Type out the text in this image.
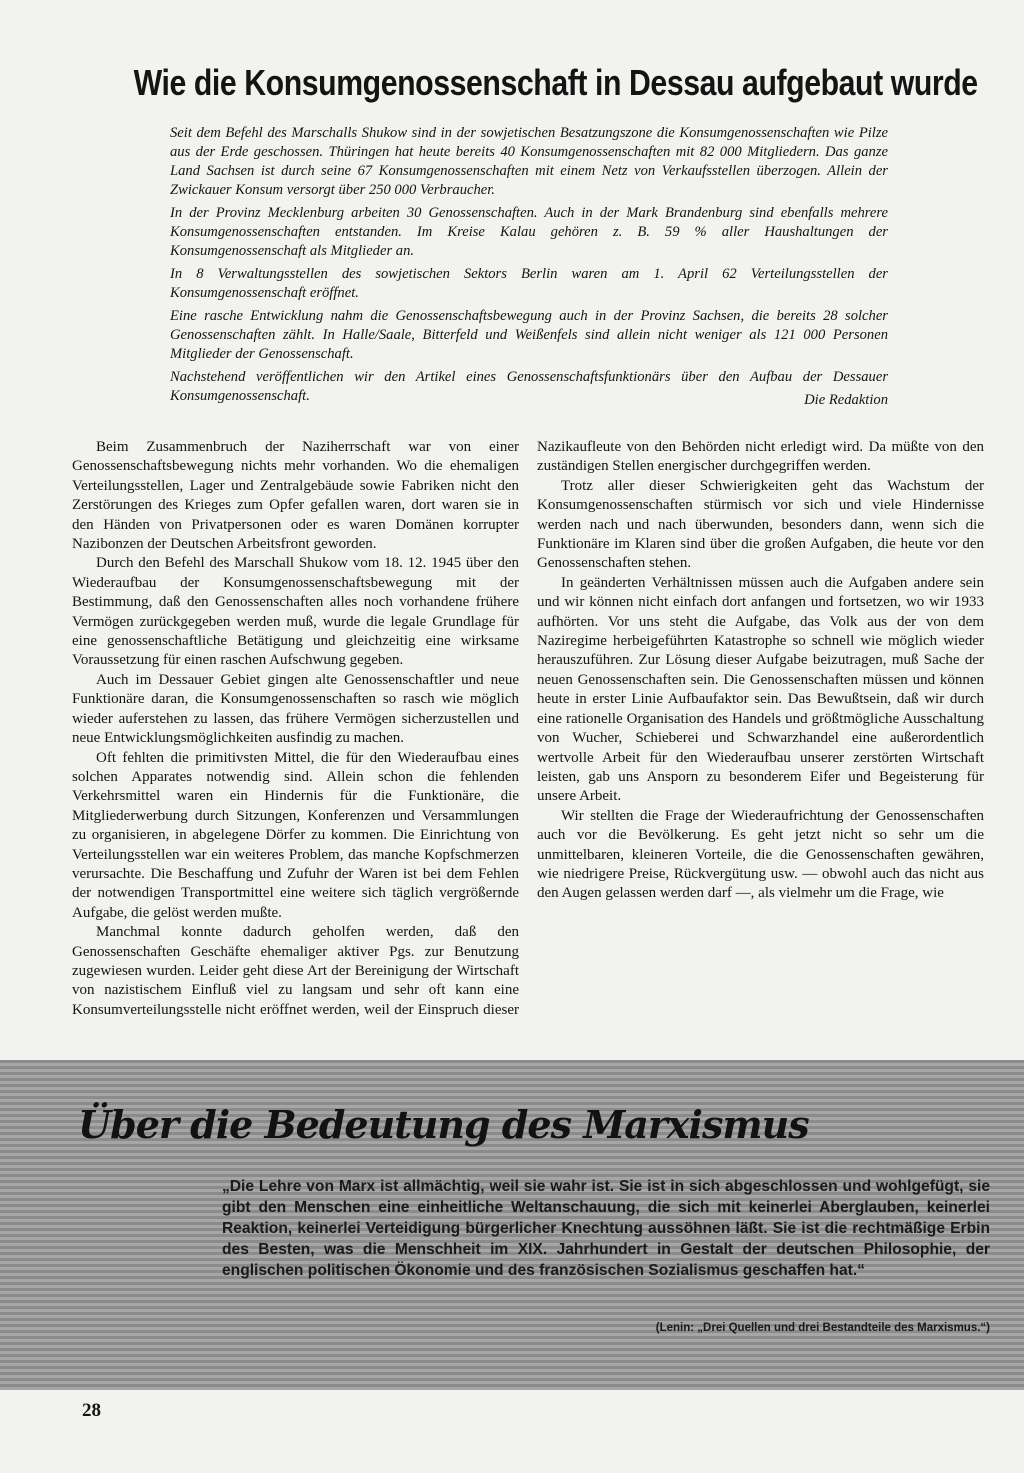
Wie die Konsumgenossenschaft in Dessau aufgebaut wurde

Seit dem Befehl des Marschalls Shukow sind in der sowjetischen Besatzungszone die Konsumgenossenschaften wie Pilze aus der Erde geschossen. Thüringen hat heute bereits 40 Konsumgenossenschaften mit 82 000 Mitgliedern. Das ganze Land Sachsen ist durch seine 67 Konsumgenossenschaften mit einem Netz von Verkaufsstellen überzogen. Allein der Zwickauer Konsum versorgt über 250 000 Verbraucher.

In der Provinz Mecklenburg arbeiten 30 Genossenschaften. Auch in der Mark Brandenburg sind ebenfalls mehrere Konsumgenossenschaften entstanden. Im Kreise Kalau gehören z. B. 59 % aller Haushaltungen der Konsumgenossenschaft als Mitglieder an.

In 8 Verwaltungsstellen des sowjetischen Sektors Berlin waren am 1. April 62 Verteilungsstellen der Konsumgenossenschaft eröffnet.

Eine rasche Entwicklung nahm die Genossenschaftsbewegung auch in der Provinz Sachsen, die bereits 28 solcher Genossenschaften zählt. In Halle/Saale, Bitterfeld und Weißenfels sind allein nicht weniger als 121 000 Personen Mitglieder der Genossenschaft.

Nachstehend veröffentlichen wir den Artikel eines Genossenschaftsfunktionärs über den Aufbau der Dessauer Konsumgenossenschaft.	Die Redaktion

Beim Zusammenbruch der Naziherrschaft war von einer Genossenschaftsbewegung nichts mehr vorhanden. Wo die ehemaligen Verteilungsstellen, Lager und Zentralgebäude sowie Fabriken nicht den Zerstörungen des Krieges zum Opfer gefallen waren, dort waren sie in den Händen von Privatpersonen oder es waren Domänen korrupter Nazibonzen der Deutschen Arbeitsfront geworden.

Durch den Befehl des Marschall Shukow vom 18. 12. 1945 über den Wiederaufbau der Konsumgenossenschaftsbewegung mit der Bestimmung, daß den Genossenschaften alles noch vorhandene frühere Vermögen zurückgegeben werden muß, wurde die legale Grundlage für eine genossenschaftliche Betätigung und gleichzeitig eine wirksame Voraussetzung für einen raschen Aufschwung gegeben.

Auch im Dessauer Gebiet gingen alte Genossenschaftler und neue Funktionäre daran, die Konsumgenossenschaften so rasch wie möglich wieder auferstehen zu lassen, das frühere Vermögen sicherzustellen und neue Entwicklungsmöglichkeiten ausfindig zu machen.

Oft fehlten die primitivsten Mittel, die für den Wiederaufbau eines solchen Apparates notwendig sind. Allein schon die fehlenden Verkehrsmittel waren ein Hindernis für die Funktionäre, die Mitgliederwerbung durch Sitzungen, Konferenzen und Versammlungen zu organisieren, in abgelegene Dörfer zu kommen. Die Einrichtung von Verteilungsstellen war ein weiteres Problem, das manche Kopfschmerzen verursachte. Die Beschaffung und Zufuhr der Waren ist bei dem Fehlen der notwendigen Transportmittel eine weitere sich täglich vergrößernde Aufgabe, die gelöst werden mußte.

Manchmal konnte dadurch geholfen werden, daß den Genossenschaften Geschäfte ehemaliger aktiver Pgs. zur Benutzung zugewiesen wurden. Leider geht diese Art der Bereinigung der Wirtschaft von nazistischem Einfluß viel zu langsam und sehr oft kann eine Konsumverteilungsstelle nicht eröffnet werden, weil der Einspruch dieser Nazikaufleute von den Behörden nicht erledigt wird. Da müßte von den zuständigen Stellen energischer durchgegriffen werden.

Trotz aller dieser Schwierigkeiten geht das Wachstum der Konsumgenossenschaften stürmisch vor sich und viele Hindernisse werden nach und nach überwunden, besonders dann, wenn sich die Funktionäre im Klaren sind über die großen Aufgaben, die heute vor den Genossenschaften stehen.

In geänderten Verhältnissen müssen auch die Aufgaben andere sein und wir können nicht einfach dort anfangen und fortsetzen, wo wir 1933 aufhörten. Vor uns steht die Aufgabe, das Volk aus der von dem Naziregime herbeigeführten Katastrophe so schnell wie möglich wieder herauszuführen. Zur Lösung dieser Aufgabe beizutragen, muß Sache der neuen Genossenschaften sein. Die Genossenschaften müssen und können heute in erster Linie Aufbaufaktor sein. Das Bewußtsein, daß wir durch eine rationelle Organisation des Handels und größtmögliche Ausschaltung von Wucher, Schieberei und Schwarzhandel eine außerordentlich wertvolle Arbeit für den Wiederaufbau unserer zerstörten Wirtschaft leisten, gab uns Ansporn zu besonderem Eifer und Begeisterung für unsere Arbeit.

Wir stellten die Frage der Wiederaufrichtung der Genossenschaften auch vor die Bevölkerung. Es geht jetzt nicht so sehr um die unmittelbaren, kleineren Vorteile, die die Genossenschaften gewähren, wie niedrigere Preise, Rückvergütung usw. — obwohl auch das nicht aus den Augen gelassen werden darf —, als vielmehr um die Frage, wie

Über die Bedeutung des Marxismus
„Die Lehre von Marx ist allmächtig, weil sie wahr ist. Sie ist in sich abgeschlossen und wohlgefügt, sie gibt den Menschen eine einheitliche Weltanschauung, die sich mit keinerlei Aberglauben, keinerlei Reaktion, keinerlei Verteidigung bürgerlicher Knechtung aussöhnen läßt. Sie ist die rechtmäßige Erbin des Besten, was die Menschheit im XIX. Jahrhundert in Gestalt der deutschen Philosophie, der englischen politischen Ökonomie und des französischen Sozialismus geschaffen hat.“
(Lenin: „Drei Quellen und drei Bestandteile des Marxismus.“)
28
